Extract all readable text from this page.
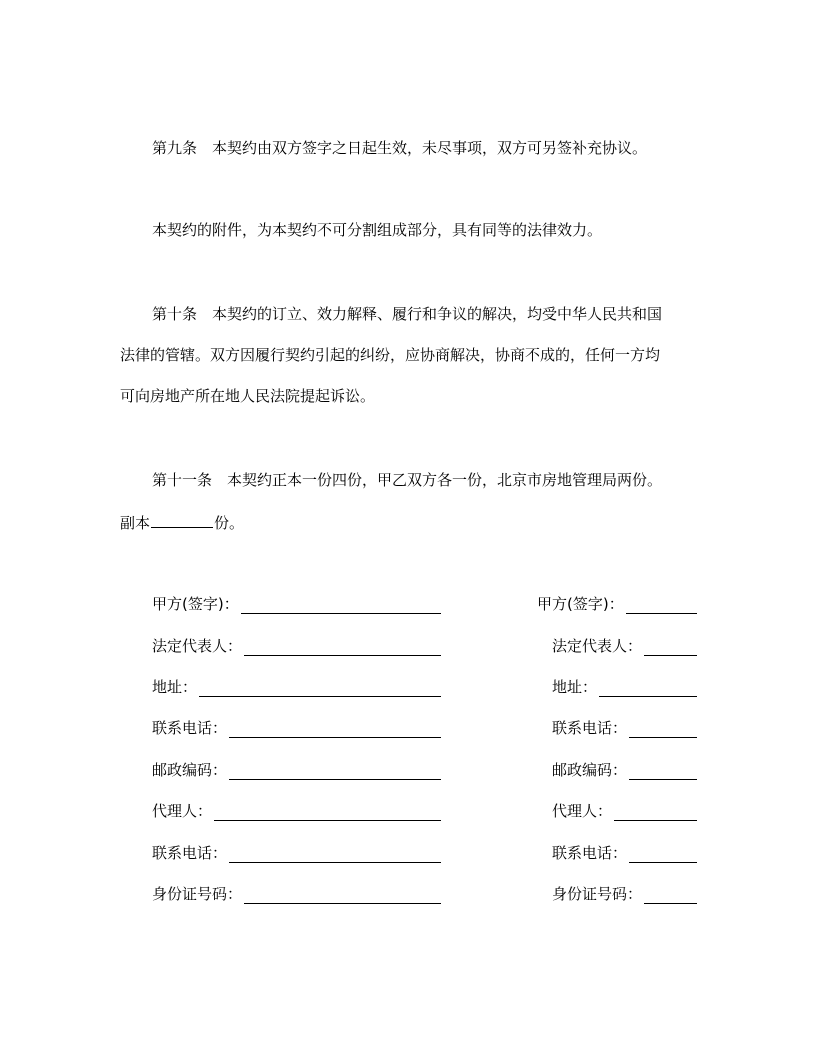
第九条　本契约由双方签字之日起生效，未尽事项，双方可另签补充协议。
本契约的附件，为本契约不可分割组成部分，具有同等的法律效力。
第十条　本契约的订立、效力解释、履行和争议的解决，均受中华人民共和国
法律的管辖。双方因履行契约引起的纠纷，应协商解决，协商不成的，任何一方均
可向房地产所在地人民法院提起诉讼。
第十一条　本契约正本一份四份，甲乙双方各一份，北京市房地管理局两份。
副本	份。
甲方(签字)：
法定代表人：
地址：
联系电话：
邮政编码：
代理人：
联系电话：
身份证号码：
甲方(签字)：
法定代表人：
地址：
联系电话：
邮政编码：
代理人：
联系电话：
身份证号码：
